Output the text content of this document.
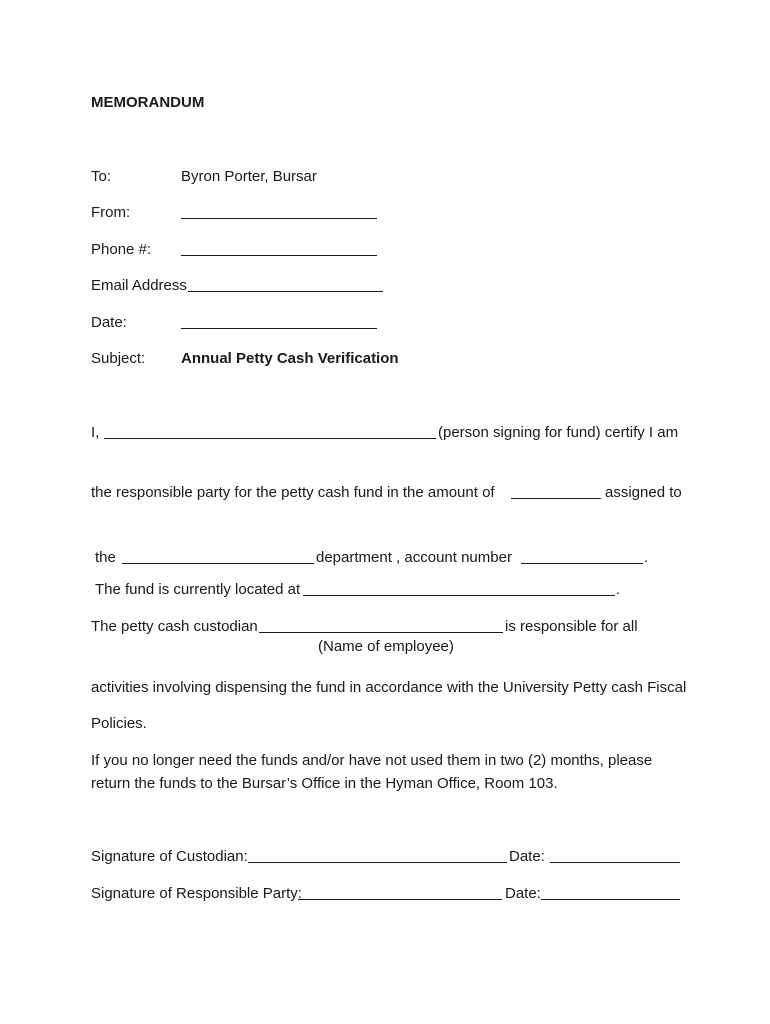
MEMORANDUM
To:	Byron Porter, Bursar
From:
Phone #:
Email Address
Date:
Subject: Annual Petty Cash Verification
I,	(person signing for fund) certify I am
the responsible party for the petty cash fund in the amount of	assigned to
the	department , account number	.
The fund is currently located at	.
The petty cash custodian	is responsible for all
(Name of employee)
activities involving dispensing the fund in accordance with the University Petty cash Fiscal
Policies.
If you no longer need the funds and/or have not used them in two (2) months, please
return the funds to the Bursar’s Office in the Hyman Office, Room 103.
Signature of Custodian:	Date:
Signature of Responsible Party:	Date:
